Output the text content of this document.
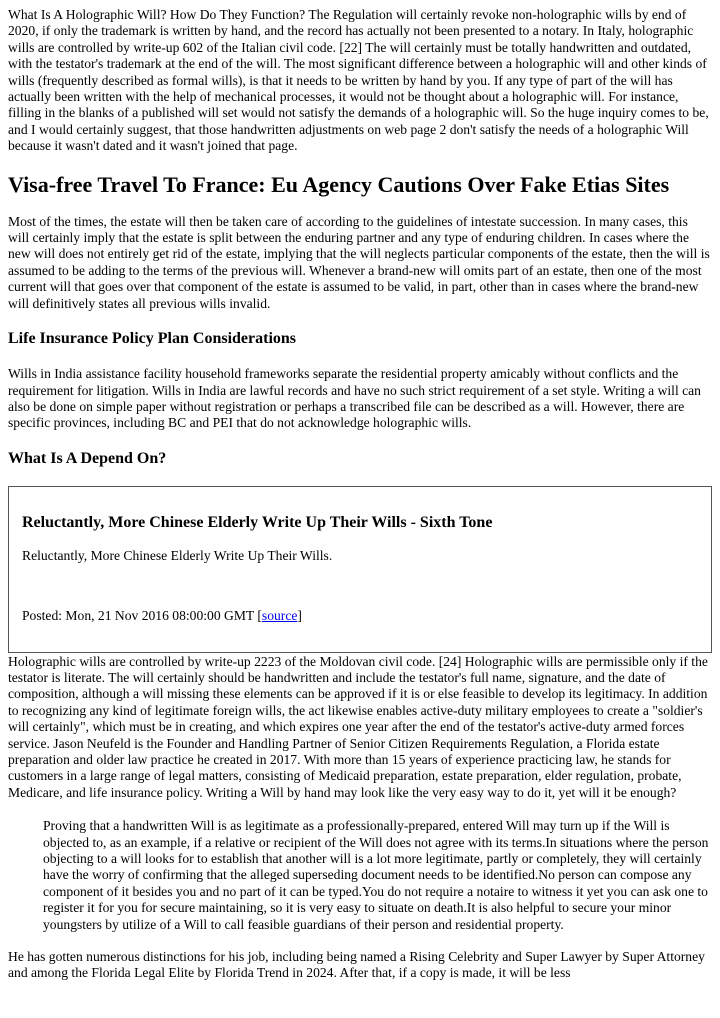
What Is A Holographic Will? How Do They Function? The Regulation will certainly revoke non-holographic wills by end of 2020, if only the trademark is written by hand, and the record has actually not been presented to a notary. In Italy, holographic wills are controlled by write-up 602 of the Italian civil code. [22] The will certainly must be totally handwritten and outdated, with the testator's trademark at the end of the will. The most significant difference between a holographic will and other kinds of wills (frequently described as formal wills), is that it needs to be written by hand by you. If any type of part of the will has actually been written with the help of mechanical processes, it would not be thought about a holographic will. For instance, filling in the blanks of a published will set would not satisfy the demands of a holographic will. So the huge inquiry comes to be, and I would certainly suggest, that those handwritten adjustments on web page 2 don't satisfy the needs of a holographic Will because it wasn't dated and it wasn't joined that page.

Visa-free Travel To France: Eu Agency Cautions Over Fake Etias Sites

Most of the times, the estate will then be taken care of according to the guidelines of intestate succession. In many cases, this will certainly imply that the estate is split between the enduring partner and any type of enduring children. In cases where the new will does not entirely get rid of the estate, implying that the will neglects particular components of the estate, then the will is assumed to be adding to the terms of the previous will. Whenever a brand-new will omits part of an estate, then one of the most current will that goes over that component of the estate is assumed to be valid, in part, other than in cases where the brand-new will definitively states all previous wills invalid.

Life Insurance Policy Plan Considerations

Wills in India assistance facility household frameworks separate the residential property amicably without conflicts and the requirement for litigation. Wills in India are lawful records and have no such strict requirement of a set style. Writing a will can also be done on simple paper without registration or perhaps a transcribed file can be described as a will. However, there are specific provinces, including BC and PEI that do not acknowledge holographic wills.

What Is A Depend On?
Reluctantly, More Chinese Elderly Write Up Their Wills - Sixth Tone

Reluctantly, More Chinese Elderly Write Up Their Wills.

Posted: Mon, 21 Nov 2016 08:00:00 GMT [source]

Holographic wills are controlled by write-up 2223 of the Moldovan civil code. [24] Holographic wills are permissible only if the testator is literate. The will certainly should be handwritten and include the testator's full name, signature, and the date of composition, although a will missing these elements can be approved if it is or else feasible to develop its legitimacy. In addition to recognizing any kind of legitimate foreign wills, the act likewise enables active-duty military employees to create a "soldier's will certainly", which must be in creating, and which expires one year after the end of the testator's active-duty armed forces service. Jason Neufeld is the Founder and Handling Partner of Senior Citizen Requirements Regulation, a Florida estate preparation and older law practice he created in 2017. With more than 15 years of experience practicing law, he stands for customers in a large range of legal matters, consisting of Medicaid preparation, estate preparation, elder regulation, probate, Medicare, and life insurance policy. Writing a Will by hand may look like the very easy way to do it, yet will it be enough?

Proving that a handwritten Will is as legitimate as a professionally-prepared, entered Will may turn up if the Will is objected to, as an example, if a relative or recipient of the Will does not agree with its terms.In situations where the person objecting to a will looks for to establish that another will is a lot more legitimate, partly or completely, they will certainly have the worry of confirming that the alleged superseding document needs to be identified.No person can compose any component of it besides you and no part of it can be typed.You do not require a notaire to witness it yet you can ask one to register it for you for secure maintaining, so it is very easy to situate on death.It is also helpful to secure your minor youngsters by utilize of a Will to call feasible guardians of their person and residential property.

He has gotten numerous distinctions for his job, including being named a Rising Celebrity and Super Lawyer by Super Attorney and among the Florida Legal Elite by Florida Trend in 2024. After that, if a copy is made, it will be less
